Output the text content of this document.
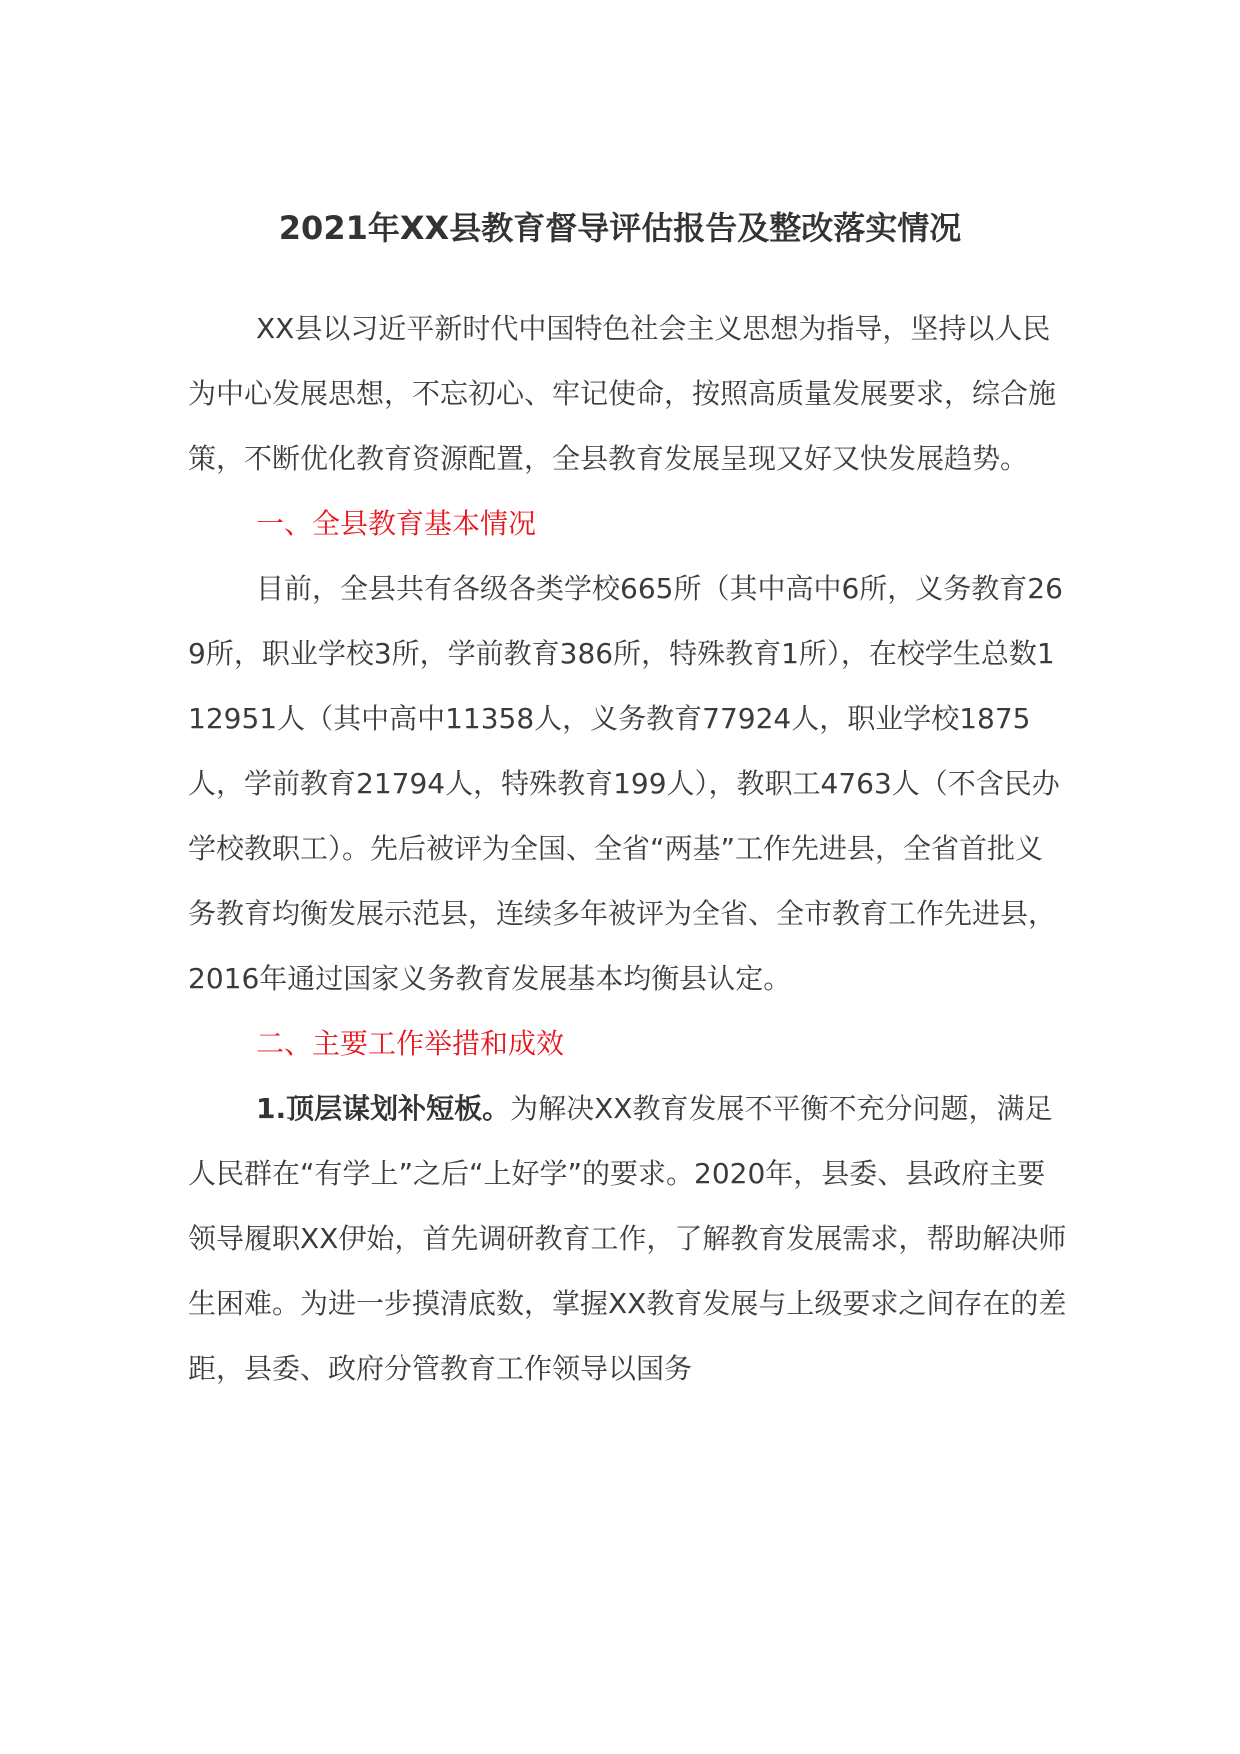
2021年XX县教育督导评估报告及整改落实情况

XX县以习近平新时代中国特色社会主义思想为指导，坚持以人民为中心发展思想，不忘初心、牢记使命，按照高质量发展要求，综合施策，不断优化教育资源配置，全县教育发展呈现又好又快发展趋势。

一、全县教育基本情况

目前，全县共有各级各类学校665所（其中高中6所，义务教育269所，职业学校3所，学前教育386所，特殊教育1所），在校学生总数112951人（其中高中11358人，义务教育77924人，职业学校1875人，学前教育21794人，特殊教育199人），教职工4763人（不含民办学校教职工）。先后被评为全国、全省“两基”工作先进县，全省首批义务教育均衡发展示范县，连续多年被评为全省、全市教育工作先进县，2016年通过国家义务教育发展基本均衡县认定。

二、主要工作举措和成效

1.顶层谋划补短板。为解决XX教育发展不平衡不充分问题，满足人民群在“有学上”之后“上好学”的要求。2020年，县委、县政府主要领导履职XX伊始，首先调研教育工作，了解教育发展需求，帮助解决师生困难。为进一步摸清底数，掌握XX教育发展与上级要求之间存在的差距，县委、政府分管教育工作领导以国务
